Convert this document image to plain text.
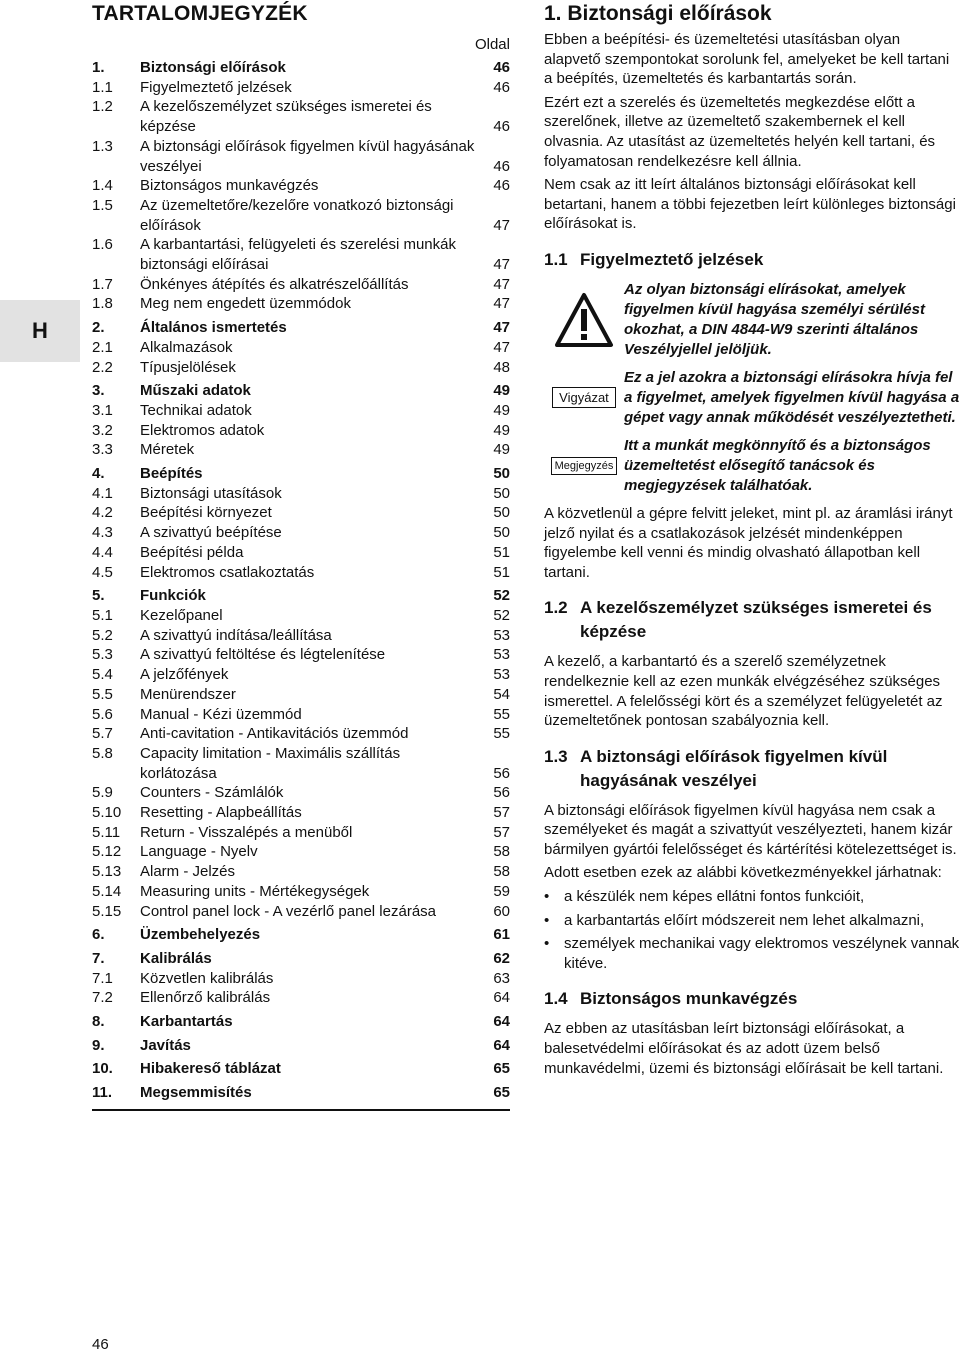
H
TARTALOMJEGYZÉK
Oldal
1.	Biztonsági előírások	46
1.1	Figyelmeztető jelzések	46
1.2	A kezelőszemélyzet szükséges ismeretei és képzése	46
1.3	A biztonsági előírások figyelmen kívül hagyásának veszélyei	46
1.4	Biztonságos munkavégzés	46
1.5	Az üzemeltetőre/kezelőre vonatkozó biztonsági előírások	47
1.6	A karbantartási, felügyeleti és szerelési munkák biztonsági előírásai	47
1.7	Önkényes átépítés és alkatrészelőállítás	47
1.8	Meg nem engedett üzemmódok	47
2.	Általános ismertetés	47
2.1	Alkalmazások	47
2.2	Típusjelölések	48
3.	Műszaki adatok	49
3.1	Technikai adatok	49
3.2	Elektromos adatok	49
3.3	Méretek	49
4.	Beépítés	50
4.1	Biztonsági utasítások	50
4.2	Beépítési környezet	50
4.3	A szivattyú beépítése	50
4.4	Beépítési példa	51
4.5	Elektromos csatlakoztatás	51
5.	Funkciók	52
5.1	Kezelőpanel	52
5.2	A szivattyú indítása/leállítása	53
5.3	A szivattyú feltöltése és légtelenítése	53
5.4	A jelzőfények	53
5.5	Menürendszer	54
5.6	Manual - Kézi üzemmód	55
5.7	Anti-cavitation - Antikavitációs üzemmód	55
5.8	Capacity limitation - Maximális szállítás korlátozása	56
5.9	Counters - Számlálók	56
5.10	Resetting - Alapbeállítás	57
5.11	Return - Visszalépés a menüből	57
5.12	Language - Nyelv	58
5.13	Alarm - Jelzés	58
5.14	Measuring units - Mértékegységek	59
5.15	Control panel lock - A vezérlő panel lezárása	60
6.	Üzembehelyezés	61
7.	Kalibrálás	62
7.1	Közvetlen kalibrálás	63
7.2	Ellenőrző kalibrálás	64
8.	Karbantartás	64
9.	Javítás	64
10.	Hibakereső táblázat	65
11.	Megsemmisítés	65
1. Biztonsági előírások

Ebben a beépítési- és üzemeltetési utasításban olyan alapvető szempontokat sorolunk fel, amelyeket be kell tartani a beépítés, üzemeltetés és karbantartás során.

Ezért ezt a szerelés és üzemeltetés megkezdése előtt a szerelőnek, illetve az üzemeltető szakembernek el kell olvasnia. Az utasítást az üzemeltetés helyén kell tartani, és folyamatosan rendelkezésre kell állnia.

Nem csak az itt leírt általános biztonsági előírásokat kell betartani, hanem a többi fejezetben leírt különleges biztonsági előírásokat is.

1.1 Figyelmeztető jelzések
Az olyan biztonsági elírásokat, amelyek figyelmen kívül hagyása személyi sérülést okozhat, a DIN 4844-W9 szerinti általános Veszélyjellel jelöljük.
Vigyázat
Ez a jel azokra a biztonsági elírásokra hívja fel a figyelmet, amelyek figyelmen kívül hagyása a gépet vagy annak működését veszélyeztetheti.
Megjegyzés
Itt a munkát megkönnyítő és a biztonságos üzemeltetést elősegítő tanácsok és megjegyzések találhatóak.

A közvetlenül a gépre felvitt jeleket, mint pl. az áramlási irányt jelző nyilat és a csatlakozások jelzését mindenképpen figyelembe kell venni és mindig olvasható állapotban kell tartani.

1.2 A kezelőszemélyzet szükséges ismeretei és képzése

A kezelő, a karbantartó és a szerelő személyzetnek rendelkeznie kell az ezen munkák elvégzéséhez szükséges ismerettel. A felelősségi kört és a személyzet felügyeletét az üzemeltetőnek pontosan szabályoznia kell.

1.3 A biztonsági előírások figyelmen kívül hagyásának veszélyei

A biztonsági előírások figyelmen kívül hagyása nem csak a személyeket és magát a szivattyút veszélyezteti, hanem kizár bármilyen gyártói felelősséget és kártérítési kötelezettséget is.

Adott esetben ezek az alábbi következményekkel járhatnak:

• a készülék nem képes ellátni fontos funkcióit,
• a karbantartás előírt módszereit nem lehet alkalmazni,
• személyek mechanikai vagy elektromos veszélynek vannak kitéve.
1.4 Biztonságos munkavégzés

Az ebben az utasításban leírt biztonsági előírásokat, a balesetvédelmi előírásokat és az adott üzem belső munkavédelmi, üzemi és biztonsági előírásait be kell tartani.

46
